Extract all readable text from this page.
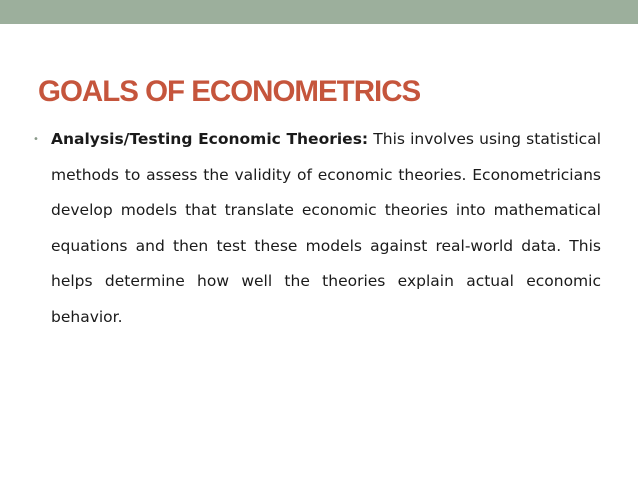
GOALS OF ECONOMETRICS
• Analysis/Testing Economic Theories: This involves using statistical methods to assess the validity of economic theories. Econometricians develop models that translate economic theories into mathematical equations and then test these models against real-world data. This helps determine how well the theories explain actual economic behavior.
